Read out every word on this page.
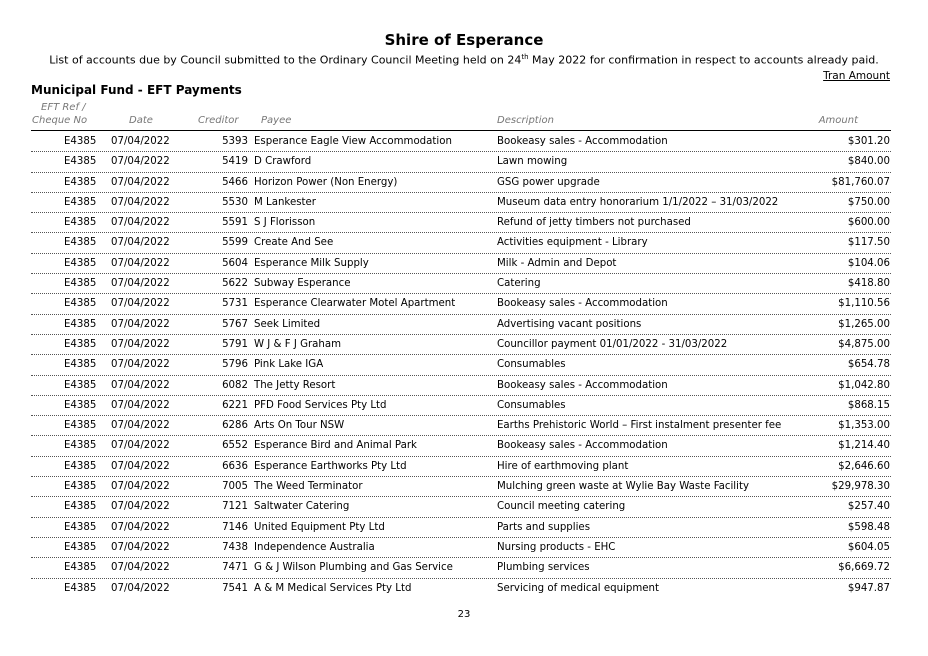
Shire of Esperance
List of accounts due by Council submitted to the Ordinary Council Meeting held on 24th May 2022 for confirmation in respect to accounts already paid.
Tran Amount
Municipal Fund - EFT Payments
EFT Ref /
Cheque No	Date	Creditor Payee	Description	Amount
E4385 07/04/2022	5393 Esperance Eagle View Accommodation	Bookeasy sales - Accommodation	$301.20
E4385 07/04/2022	5419 D Crawford	Lawn mowing	$840.00
E4385 07/04/2022	5466 Horizon Power (Non Energy)	GSG power upgrade	$81,760.07
E4385 07/04/2022	5530 M Lankester	Museum data entry honorarium 1/1/2022 – 31/03/2022	$750.00
E4385 07/04/2022	5591 S J Florisson	Refund of jetty timbers not purchased	$600.00
E4385 07/04/2022	5599 Create And See	Activities equipment - Library	$117.50
E4385 07/04/2022	5604 Esperance Milk Supply	Milk - Admin and Depot	$104.06
E4385 07/04/2022	5622 Subway Esperance	Catering	$418.80
E4385 07/04/2022	5731 Esperance Clearwater Motel Apartment	Bookeasy sales - Accommodation	$1,110.56
E4385 07/04/2022	5767 Seek Limited	Advertising vacant positions	$1,265.00
E4385 07/04/2022	5791 W J & F J Graham	Councillor payment 01/01/2022 - 31/03/2022	$4,875.00
E4385 07/04/2022	5796 Pink Lake IGA	Consumables	$654.78
E4385 07/04/2022	6082 The Jetty Resort	Bookeasy sales - Accommodation	$1,042.80
E4385 07/04/2022	6221 PFD Food Services Pty Ltd	Consumables	$868.15
E4385 07/04/2022	6286 Arts On Tour NSW	Earths Prehistoric World – First instalment presenter fee	$1,353.00
E4385 07/04/2022	6552 Esperance Bird and Animal Park	Bookeasy sales - Accommodation	$1,214.40
E4385 07/04/2022	6636 Esperance Earthworks Pty Ltd	Hire of earthmoving plant	$2,646.60
E4385 07/04/2022	7005 The Weed Terminator	Mulching green waste at Wylie Bay Waste Facility	$29,978.30
E4385 07/04/2022	7121 Saltwater Catering	Council meeting catering	$257.40
E4385 07/04/2022	7146 United Equipment Pty Ltd	Parts and supplies	$598.48
E4385 07/04/2022	7438 Independence Australia	Nursing products - EHC	$604.05
E4385 07/04/2022	7471 G & J Wilson Plumbing and Gas Service	Plumbing services	$6,669.72
E4385 07/04/2022	7541 A & M Medical Services Pty Ltd	Servicing of medical equipment	$947.87
23
